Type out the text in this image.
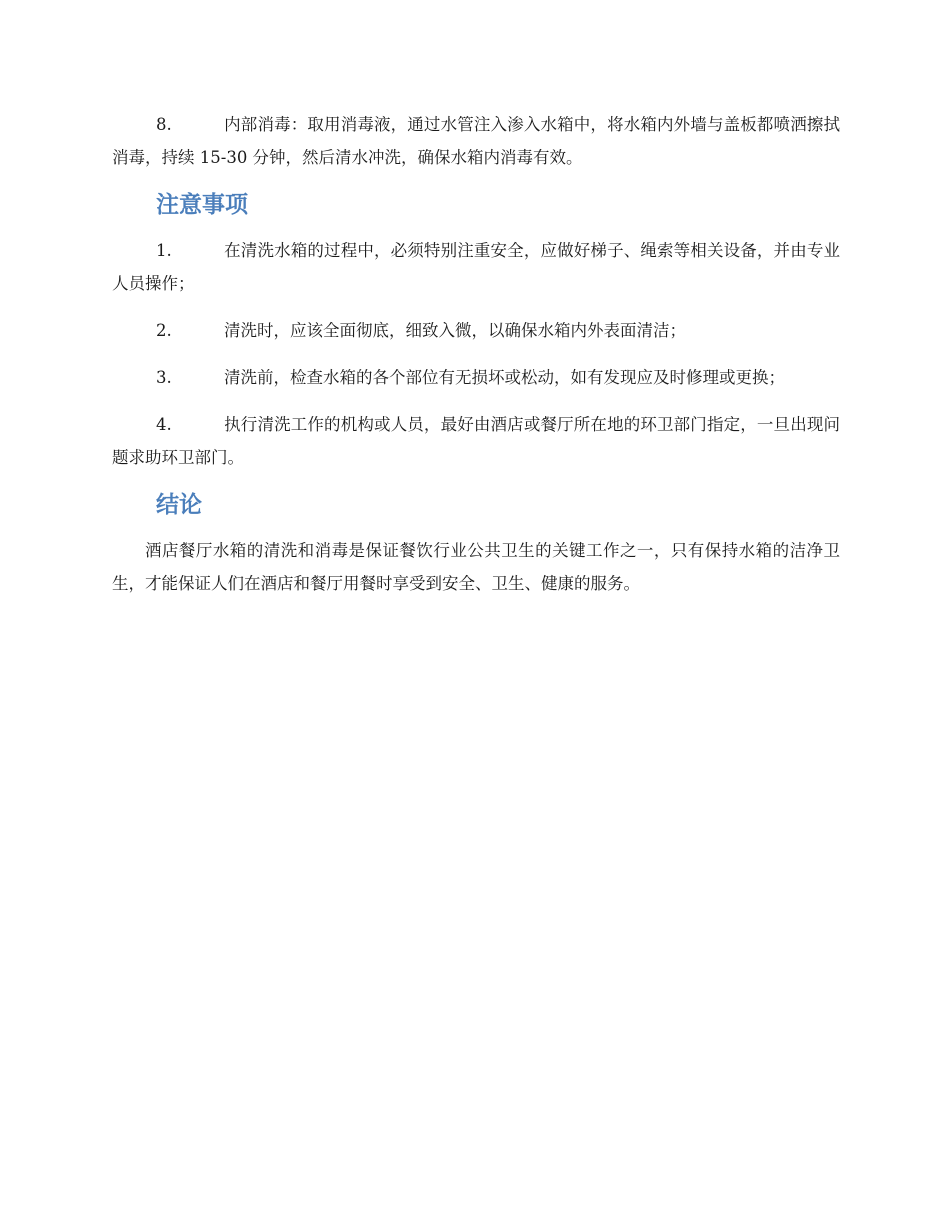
8.	内部消毒：取用消毒液，通过水管注入渗入水箱中，将水箱内外墙与盖板都喷洒擦拭消毒，持续 15-30 分钟，然后清水冲洗，确保水箱内消毒有效。

注意事项

1.	在清洗水箱的过程中，必须特别注重安全，应做好梯子、绳索等相关设备，并由专业人员操作；

2.	清洗时，应该全面彻底，细致入微，以确保水箱内外表面清洁；

3.	清洗前，检查水箱的各个部位有无损坏或松动，如有发现应及时修理或更换；

4.	执行清洗工作的机构或人员，最好由酒店或餐厅所在地的环卫部门指定，一旦出现问题求助环卫部门。

结论

酒店餐厅水箱的清洗和消毒是保证餐饮行业公共卫生的关键工作之一，只有保持水箱的洁净卫生，才能保证人们在酒店和餐厅用餐时享受到安全、卫生、健康的服务。
